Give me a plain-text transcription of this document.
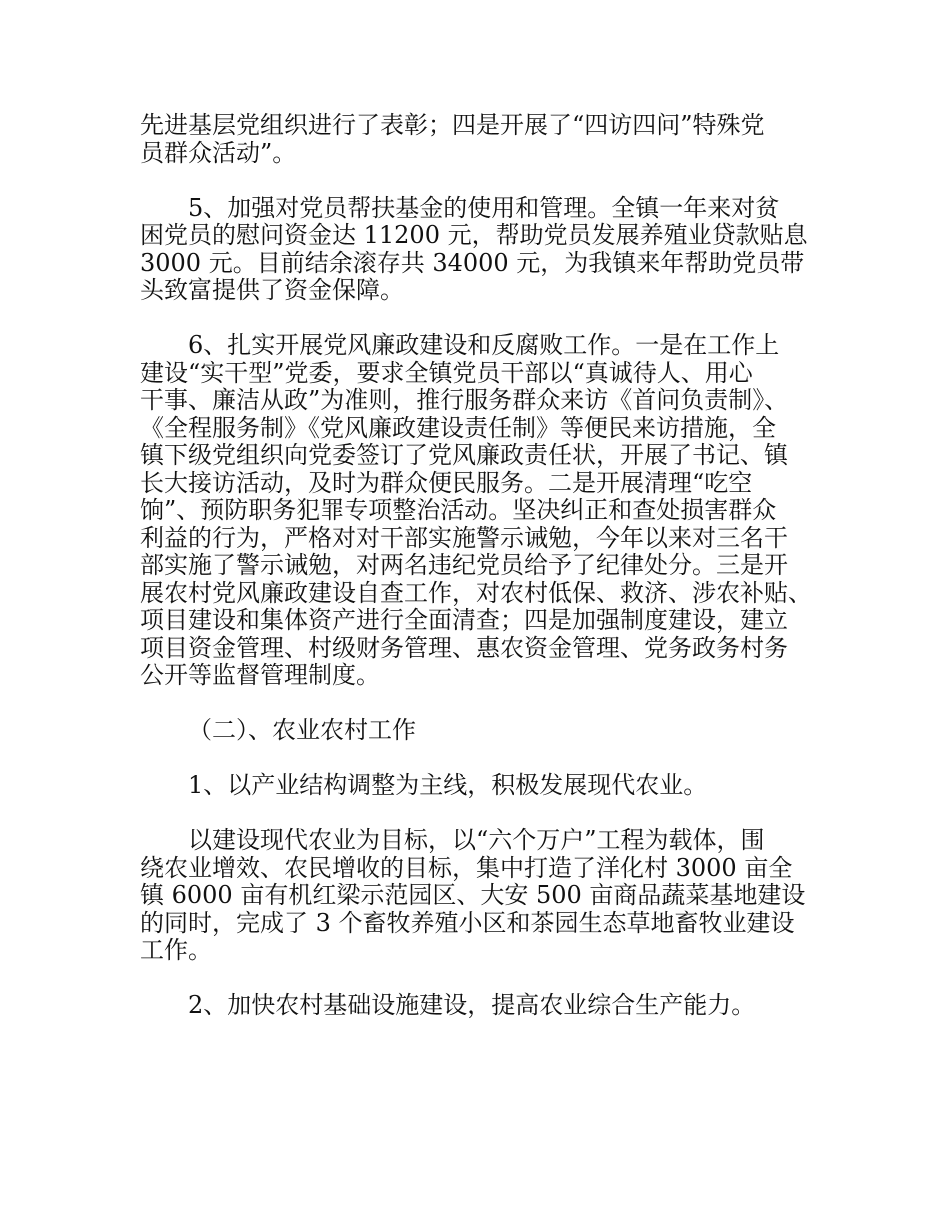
先进基层党组织进行了表彰；四是开展了“四访四问”特殊党
员群众活动”。

5、加强对党员帮扶基金的使用和管理。全镇一年来对贫
困党员的慰问资金达 11200 元，帮助党员发展养殖业贷款贴息
3000 元。目前结余滚存共 34000 元，为我镇来年帮助党员带
头致富提供了资金保障。

6、扎实开展党风廉政建设和反腐败工作。一是在工作上
建设“实干型”党委，要求全镇党员干部以“真诚待人、用心
干事、廉洁从政”为准则，推行服务群众来访《首问负责制》、
《全程服务制》《党风廉政建设责任制》等便民来访措施，全
镇下级党组织向党委签订了党风廉政责任状，开展了书记、镇
长大接访活动，及时为群众便民服务。二是开展清理“吃空
饷”、预防职务犯罪专项整治活动。坚决纠正和查处损害群众
利益的行为，严格对对干部实施警示诫勉，今年以来对三名干
部实施了警示诫勉，对两名违纪党员给予了纪律处分。三是开
展农村党风廉政建设自查工作，对农村低保、救济、涉农补贴、
项目建设和集体资产进行全面清查；四是加强制度建设，建立
项目资金管理、村级财务管理、惠农资金管理、党务政务村务
公开等监督管理制度。

（二）、农业农村工作

1、以产业结构调整为主线，积极发展现代农业。

以建设现代农业为目标，以“六个万户”工程为载体，围
绕农业增效、农民增收的目标，集中打造了洋化村 3000 亩全
镇 6000 亩有机红梁示范园区、大安 500 亩商品蔬菜基地建设
的同时，完成了 3 个畜牧养殖小区和茶园生态草地畜牧业建设
工作。

2、加快农村基础设施建设，提高农业综合生产能力。
